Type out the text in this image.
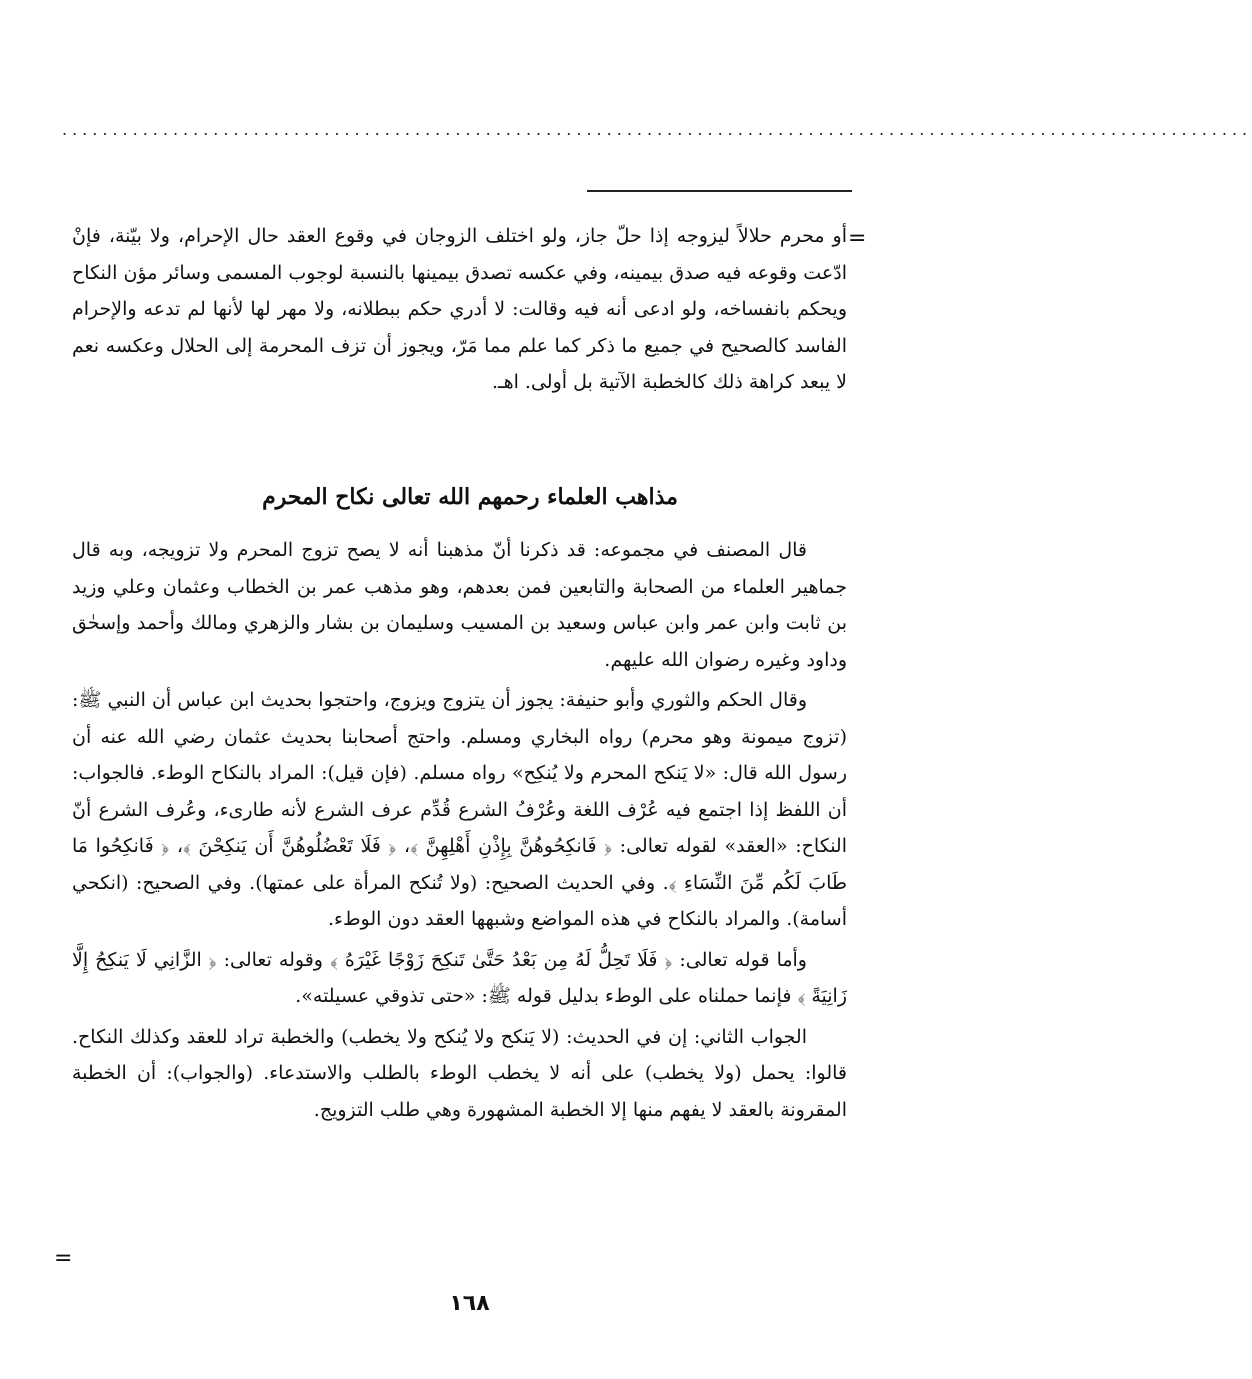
......................................................................................................................
=

أو محرم حلالاً ليزوجه إذا حلّ جاز، ولو اختلف الزوجان في وقوع العقد حال الإحرام، ولا بيّنة، فإنْ ادّعت وقوعه فيه صدق بيمينه، وفي عكسه تصدق بيمينها بالنسبة لوجوب المسمى وسائر مؤن النكاح ويحكم بانفساخه، ولو ادعى أنه فيه وقالت: لا أدري حكم ببطلانه، ولا مهر لها لأنها لم تدعه والإحرام الفاسد كالصحيح في جميع ما ذكر كما علم مما مَرّ، ويجوز أن تزف المحرمة إلى الحلال وعكسه نعم لا يبعد كراهة ذلك كالخطبة الآتية بل أولى. اهـ.

مذاهب العلماء رحمهم الله تعالى نكاح المحرم

قال المصنف في مجموعه: قد ذكرنا أنّ مذهبنا أنه لا يصح تزوج المحرم ولا تزويجه، وبه قال جماهير العلماء من الصحابة والتابعين فمن بعدهم، وهو مذهب عمر بن الخطاب وعثمان وعلي وزيد بن ثابت وابن عمر وابن عباس وسعيد بن المسيب وسليمان بن بشار والزهري ومالك وأحمد وإسحٰق وداود وغيره رضوان الله عليهم.

وقال الحكم والثوري وأبو حنيفة: يجوز أن يتزوج ويزوج، واحتجوا بحديث ابن عباس أن النبي ﷺ: (تزوج ميمونة وهو محرم) رواه البخاري ومسلم. واحتج أصحابنا بحديث عثمان رضي الله عنه أن رسول الله قال: «لا يَنكح المحرم ولا يُنكِح» رواه مسلم. (فإن قيل): المراد بالنكاح الوطء. فالجواب: أن اللفظ إذا اجتمع فيه عُرْف اللغة وعُرْفُ الشرع قُدِّم عرف الشرع لأنه طارىء، وعُرف الشرع أنّ النكاح: «العقد» لقوله تعالى: ﴿ فَانكِحُوهُنَّ بِإِذْنِ أَهْلِهِنَّ ﴾، ﴿ فَلَا تَعْضُلُوهُنَّ أَن يَنكِحْنَ ﴾، ﴿ فَانكِحُوا مَا طَابَ لَكُم مِّنَ النِّسَاءِ ﴾. وفي الحديث الصحيح: (ولا تُنكح المرأة على عمتها). وفي الصحيح: (انكحي أسامة). والمراد بالنكاح في هذه المواضع وشبهها العقد دون الوطء.

وأما قوله تعالى: ﴿ فَلَا تَحِلُّ لَهُ مِن بَعْدُ حَتَّىٰ تَنكِحَ زَوْجًا غَيْرَهُ ﴾ وقوله تعالى: ﴿ الزَّانِي لَا يَنكِحُ إِلَّا زَانِيَةً ﴾ فإنما حملناه على الوطء بدليل قوله ﷺ: «حتى تذوقي عسيلته».

الجواب الثاني: إن في الحديث: (لا يَنكح ولا يُنكح ولا يخطب) والخطبة تراد للعقد وكذلك النكاح. قالوا: يحمل (ولا يخطب) على أنه لا يخطب الوطء بالطلب والاستدعاء. (والجواب): أن الخطبة المقرونة بالعقد لا يفهم منها إلا الخطبة المشهورة وهي طلب التزويج.

=
١٦٨
